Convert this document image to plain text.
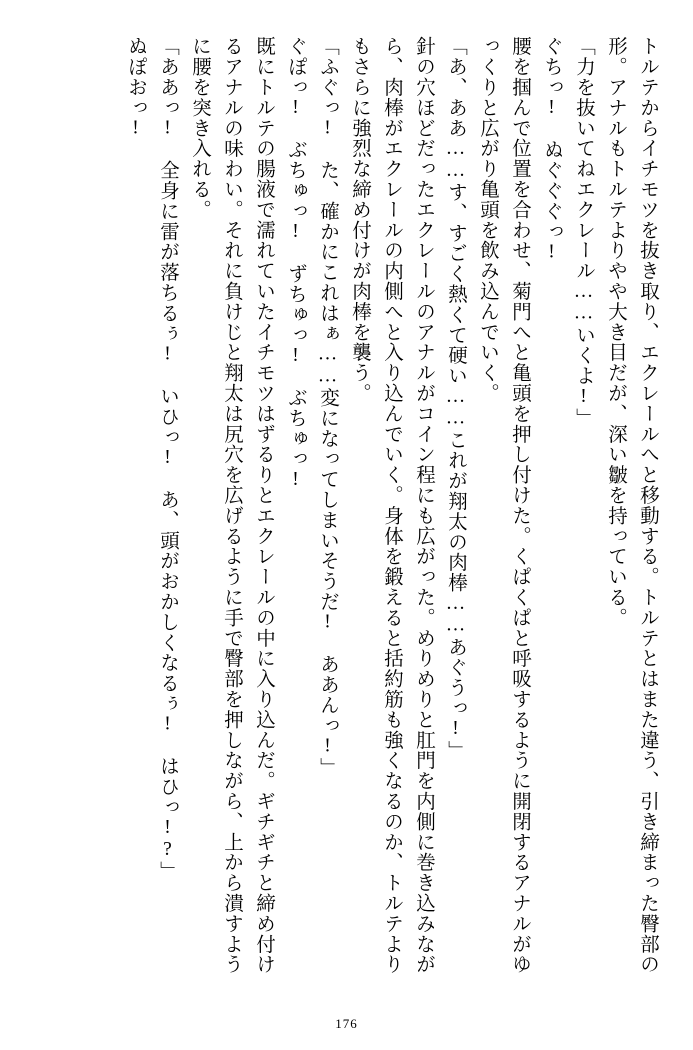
トルテからイチモツを抜き取り、エクレールへと移動する。トルテとはまた違う、引き締まった臀部の形。アナルもトルテよりやや大き目だが、深い皺を持っている。

「力を抜いてねエクレール……いくよ!」

ぐちっ!　ぬぐぐぐっ!

腰を掴んで位置を合わせ、菊門へと亀頭を押し付けた。くぱくぱと呼吸するように開閉するアナルがゆっくりと広がり亀頭を飲み込んでいく。

「あ、ああ……す、すごく熱くて硬い……これが翔太の肉棒……あぐうっ!」

針の穴ほどだったエクレールのアナルがコイン程にも広がった。めりめりと肛門を内側に巻き込みながら、肉棒がエクレールの内側へと入り込んでいく。身体を鍛えると括約筋も強くなるのか、トルテよりもさらに強烈な締め付けが肉棒を襲う。

「ふぐっ!　た、確かにこれはぁ……変になってしまいそうだ!　ああんっ!」

ぐぽっ!　ぶちゅっ!　ずちゅっ!　ぶちゅっ!

既にトルテの腸液で濡れていたイチモツはずるりとエクレールの中に入り込んだ。ギチギチと締め付けるアナルの味わい。それに負けじと翔太は尻穴を広げるように手で臀部を押しながら、上から潰すように腰を突き入れる。

「ああっ!　全身に雷が落ちるぅ!　いひっ!　あ、頭がおかしくなるぅ!　はひっ!?」

ぬぽおっ!

176
